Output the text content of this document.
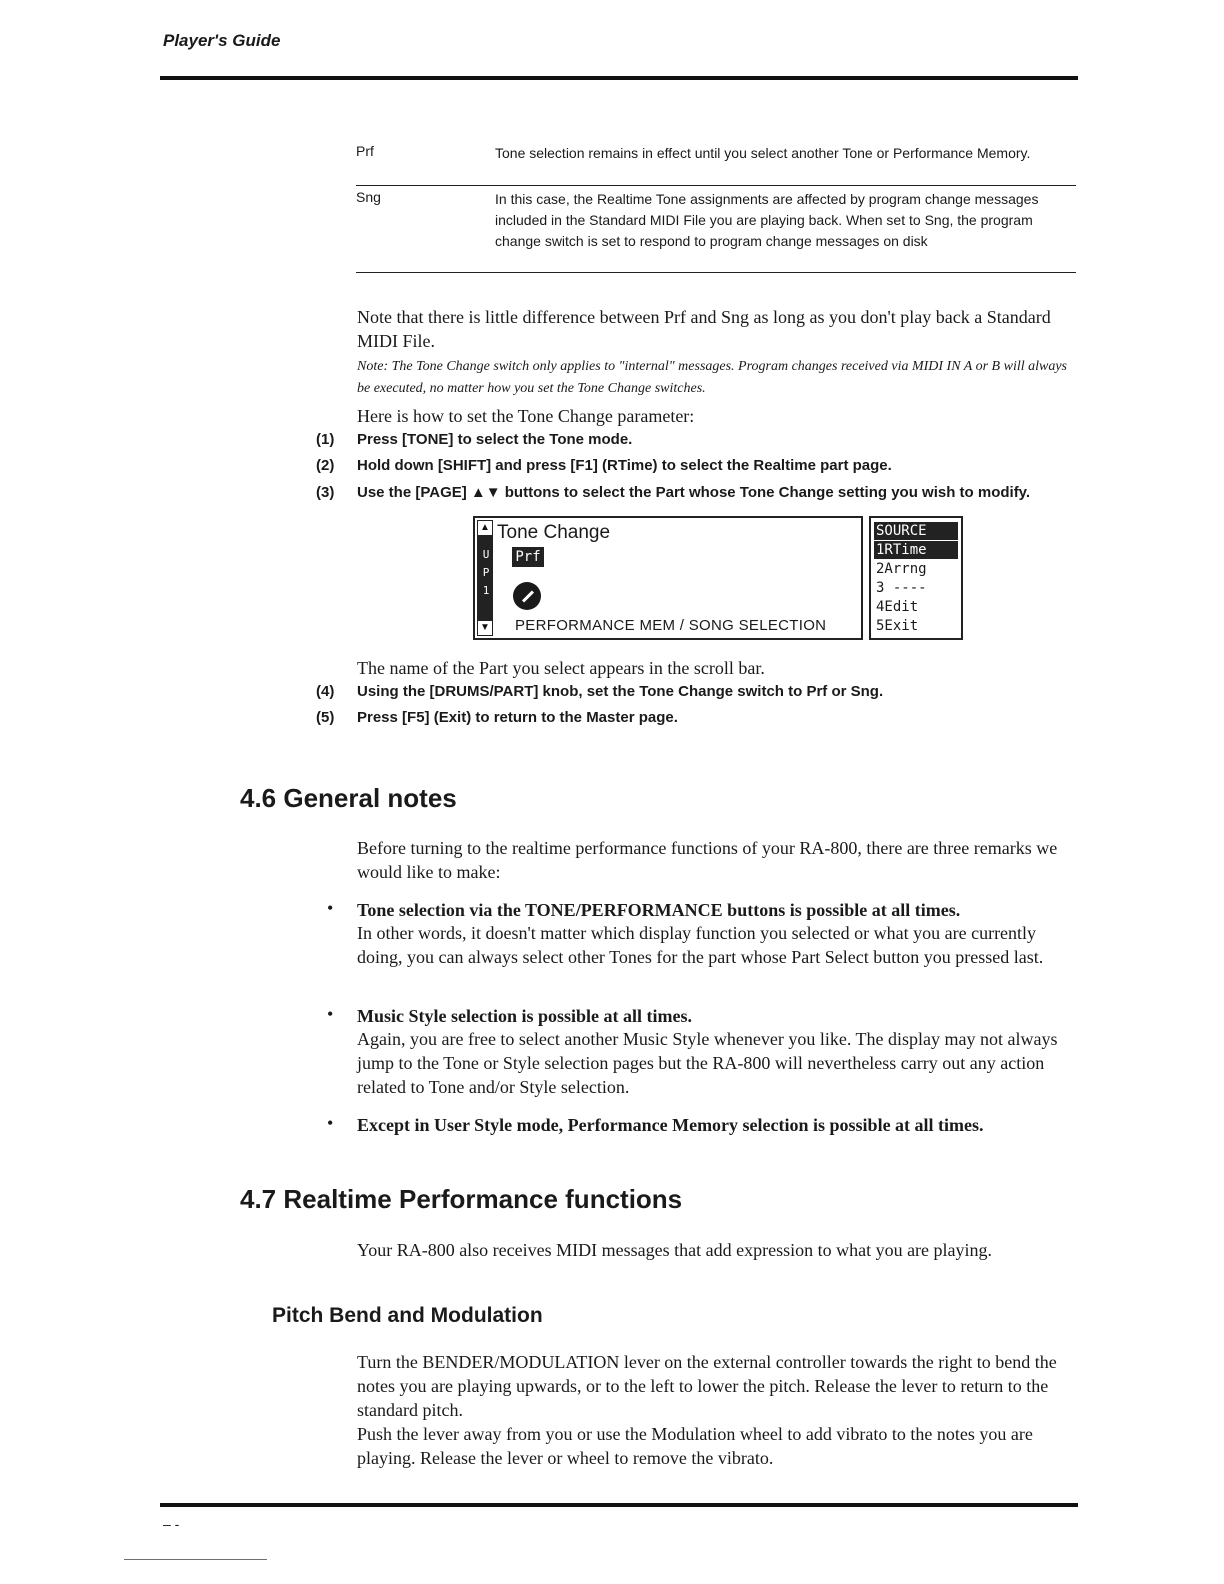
Player's Guide
Prf	Tone selection remains in effect until you select another Tone or Performance Memory.
Sng	In this case, the Realtime Tone assignments are affected by program change messages included in the Standard MIDI File you are playing back. When set to Sng, the program change switch is set to respond to program change messages on disk
Note that there is little difference between Prf and Sng as long as you don't play back a Standard MIDI File.
Note: The Tone Change switch only applies to "internal" messages. Program changes received via MIDI IN A or B will always be executed, no matter how you set the Tone Change switches.
Here is how to set the Tone Change parameter:
(1) Press [TONE] to select the Tone mode.
(2) Hold down [SHIFT] and press [F1] (RTime) to select the Realtime part page.
(3) Use the [PAGE] ▲▼ buttons to select the Part whose Tone Change setting you wish to modify.
▲
U
P
1
▼
Tone Change
Prf
PERFORMANCE MEM / SONG SELECTION
SOURCE
1RTime
2Arrng
3 ----
4Edit
5Exit
The name of the Part you select appears in the scroll bar.
(4) Using the [DRUMS/PART] knob, set the Tone Change switch to Prf or Sng.
(5) Press [F5] (Exit) to return to the Master page.
4.6 General notes
Before turning to the realtime performance functions of your RA-800, there are three remarks we would like to make:
• Tone selection via the TONE/PERFORMANCE buttons is possible at all times.
In other words, it doesn't matter which display function you selected or what you are currently doing, you can always select other Tones for the part whose Part Select button you pressed last.
• Music Style selection is possible at all times.
Again, you are free to select another Music Style whenever you like. The display may not always jump to the Tone or Style selection pages but the RA-800 will nevertheless carry out any action related to Tone and/or Style selection.
• Except in User Style mode, Performance Memory selection is possible at all times.
4.7 Realtime Performance functions
Your RA-800 also receives MIDI messages that add expression to what you are playing.
Pitch Bend and Modulation
Turn the BENDER/MODULATION lever on the external controller towards the right to bend the notes you are playing upwards, or to the left to lower the pitch. Release the lever to return to the standard pitch.
Push the lever away from you or use the Modulation wheel to add vibrato to the notes you are playing. Release the lever or wheel to remove the vibrato.
– -
